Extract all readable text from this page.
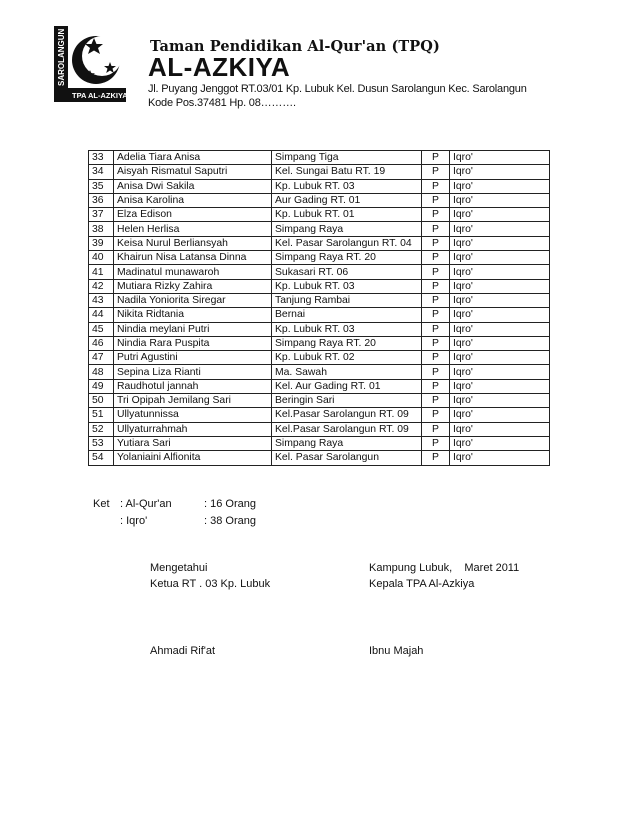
SAROLANGUN
TPA AL-AZKIYA
Taman Pendidikan Al-Qur'an (TPQ)
AL-AZKIYA
Jl. Puyang Jenggot RT.03/01 Kp. Lubuk Kel. Dusun Sarolangun Kec. Sarolangun Kode Pos.37481 Hp. 08……….
33	Adelia Tiara Anisa	Simpang Tiga	P	Iqro'
34	Aisyah Rismatul Saputri	Kel. Sungai Batu RT. 19	P	Iqro'
35	Anisa Dwi Sakila	Kp. Lubuk RT. 03	P	Iqro'
36	Anisa Karolina	Aur Gading RT. 01	P	Iqro'
37	Elza Edison	Kp. Lubuk RT. 01	P	Iqro'
38	Helen Herlisa	Simpang Raya	P	Iqro'
39	Keisa Nurul Berliansyah	Kel. Pasar Sarolangun RT. 04	P	Iqro'
40	Khairun Nisa Latansa Dinna	Simpang Raya RT. 20	P	Iqro'
41	Madinatul munawaroh	Sukasari RT. 06	P	Iqro'
42	Mutiara Rizky Zahira	Kp. Lubuk RT. 03	P	Iqro'
43	Nadila Yoniorita Siregar	Tanjung Rambai	P	Iqro'
44	Nikita Ridtania	Bernai	P	Iqro'
45	Nindia meylani Putri	Kp. Lubuk RT. 03	P	Iqro'
46	Nindia Rara Puspita	Simpang Raya RT. 20	P	Iqro'
47	Putri Agustini	Kp. Lubuk RT. 02	P	Iqro'
48	Sepina Liza Rianti	Ma. Sawah	P	Iqro'
49	Raudhotul jannah	Kel. Aur Gading RT. 01	P	Iqro'
50	Tri Opipah Jemilang Sari	Beringin Sari	P	Iqro'
51	Ullyatunnissa	Kel.Pasar Sarolangun RT. 09	P	Iqro'
52	Ullyaturrahmah	Kel.Pasar Sarolangun RT. 09	P	Iqro'
53	Yutiara Sari	Simpang Raya	P	Iqro'
54	Yolaniaini Alfionita	Kel. Pasar Sarolangun	P	Iqro'
Ket : Al-Qur'an	: 16 Orang
: Iqro'	: 38 Orang
Mengetahui
Ketua RT . 03 Kp. Lubuk
Ahmadi Rif'at
Kampung Lubuk,    Maret 2011
Kepala TPA Al-Azkiya
Ibnu Majah
